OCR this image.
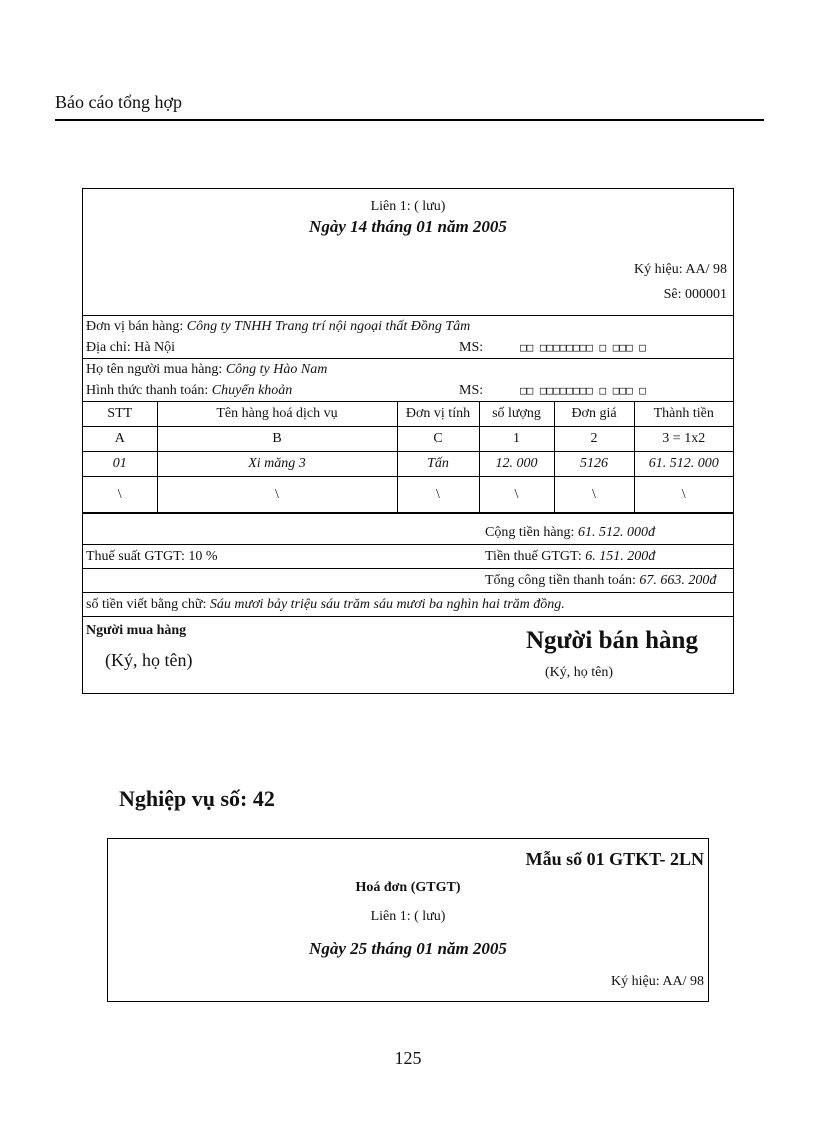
Báo cáo tổng hợp
Liên 1: ( lưu)
Ngày 14 tháng 01 năm 2005
Ký hiệu: AA/ 98
Sê: 000001
Đơn vị bán hàng: Công ty TNHH Trang trí nội ngoại thất Đồng Tâm
Địa chỉ: Hà Nội	MS:	□□ □□□□□□□□ □ □□□ □
Họ tên người mua hàng: Công ty Hào Nam
Hình thức thanh toán: Chuyển khoản	MS:	□□ □□□□□□□□ □ □□□ □
STT	Tên hàng hoá dịch vụ	Đơn vị tính	số lượng	Đơn giá	Thành tiền
A	B	C	1	2	3 = 1x2
01	Xi măng 3	Tấn	12. 000	5126	61. 512. 000
\	\	\	\	\	\
Cộng tiền hàng: 61. 512. 000đ
Thuế suất GTGT: 10 %	Tiền thuế GTGT: 6. 151. 200đ
Tổng công tiền thanh toán: 67. 663. 200đ
số tiền viết bằng chữ: Sáu mươi bảy triệu sáu trăm sáu mươi ba nghìn hai trăm đồng.
Người mua hàng
(Ký, họ tên)
Người bán hàng
(Ký, họ tên)
Nghiệp vụ số: 42
Mẫu số 01 GTKT- 2LN
Hoá đơn (GTGT)
Liên 1: ( lưu)
Ngày 25 tháng 01 năm 2005
Ký hiệu: AA/ 98
125
